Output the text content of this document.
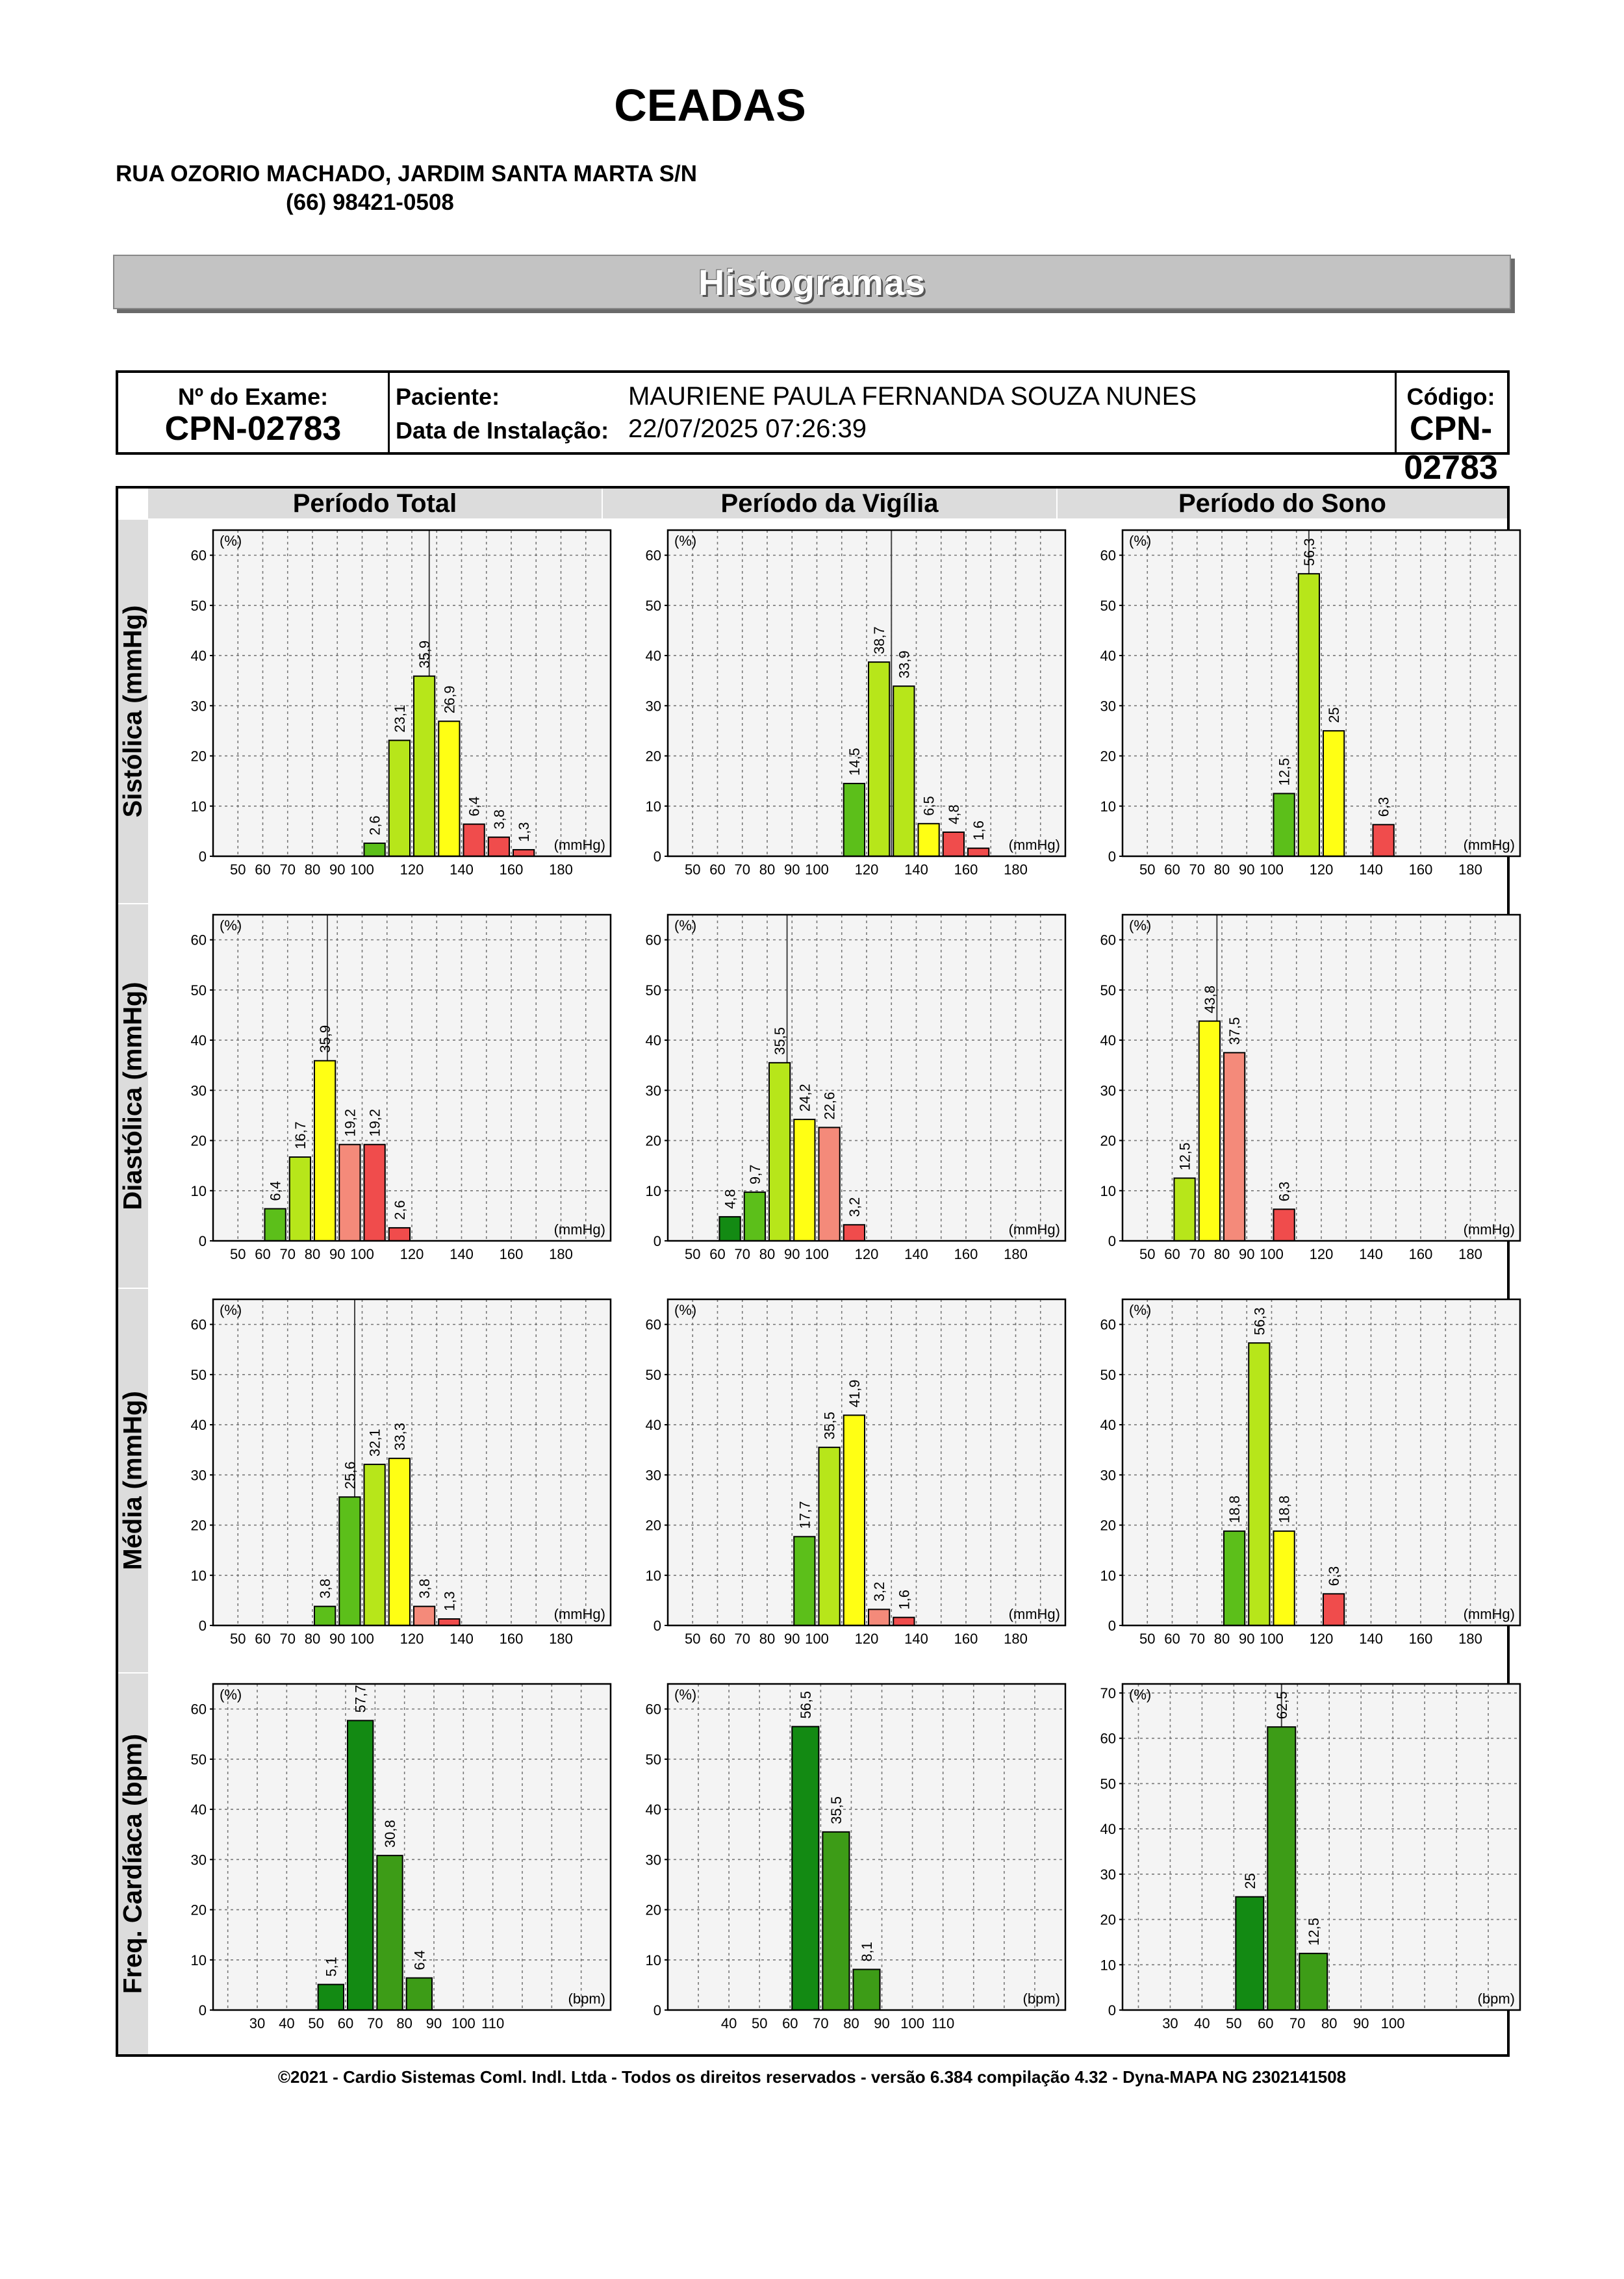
CEADAS
RUA OZORIO MACHADO, JARDIM SANTA MARTA S/N
(66) 98421-0508
Histogramas
Nº do Exame:
CPN-02783
Paciente:	MAURIENE PAULA FERNANDA SOUZA NUNES
Data de Instalação: 22/07/2025 07:26:39
Código:
CPN-02783
Período Total	Período da Vigília	Período do Sono
Sistólica (mmHg)
Diastólica (mmHg)
Média (mmHg)
Freq. Cardíaca (bpm)
0
10
20
30
40
50
60
50 60 70 80 90 100 120 140 160 180
2,6
23,1
35,9
26,9
6,4
3,8
1,3
(%)
(mmHg)
0
10
20
30
40
50
60
50 60 70 80 90 100 120 140 160 180
14,5
38,7
33,9
6,5 4,8
1,6
(%)
(mmHg)
0
10
20
30
40
50
60
50 60 70 80 90 100 120 140 160 180
12,5
56,3
25
6,3
(%)
(mmHg)
0
10
20
30
40
50
60
50 60 70 80 90 100 120 140 160 180
6,4
16,7
35,9
19,2 19,2
2,6
(%)
(mmHg)
0
10
20
30
40
50
60
50 60 70 80 90 100 120 140 160 180
4,8
9,7
35,5
24,2 22,6
3,2
(%)
(mmHg)
0
10
20
30
40
50
60
50 60 70 80 90 100 120 140 160 180
12,5
43,8
37,5
6,3
(%)
(mmHg)
0
10
20
30
40
50
60
50 60 70 80 90 100 120 140 160 180
3,8
25,6
32,1 33,3
3,8
1,3
(%)
(mmHg)
0
10
20
30
40
50
60
50 60 70 80 90 100 120 140 160 180
17,7
35,5
41,9
3,2 1,6
(%)
(mmHg)
0
10
20
30
40
50
60
50 60 70 80 90 100 120 140 160 180
18,8
56,3
18,8
6,3
(%)
(mmHg)
0
10
20
30
40
50
60
30 40 50 60 70 80 90 100 110
5,1
57,7
30,8
6,4
(%)
(bpm)
0
10
20
30
40
50
60
40 50 60 70 80 90 100 110
56,5
35,5
8,1
(%)
(bpm)
0
10
20
30
40
50
60
70
30 40 50 60 70 80 90 100
25
62,5
12,5
(%)
(bpm)
©2021 - Cardio Sistemas Coml. Indl. Ltda - Todos os direitos reservados - versão 6.384 compilação 4.32 - Dyna-MAPA NG 2302141508
